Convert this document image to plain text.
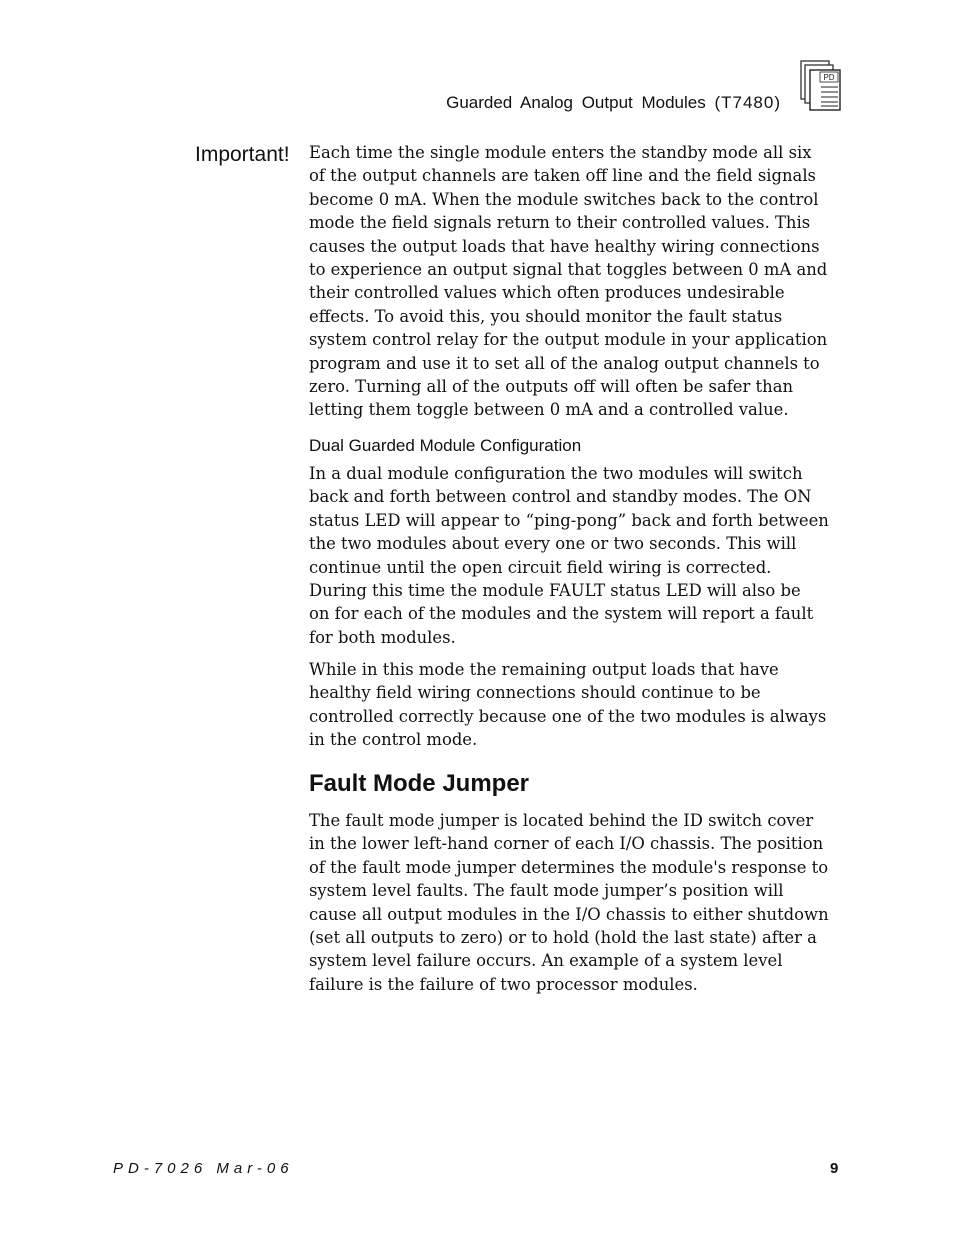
Guarded Analog Output Modules (T7480)
PD
Important! Each time the single module enters the standby mode all six
of the output channels are taken off line and the field signals
become 0 mA. When the module switches back to the control
mode the field signals return to their controlled values. This
causes the output loads that have healthy wiring connections
to experience an output signal that toggles between 0 mA and
their controlled values which often produces undesirable
effects. To avoid this, you should monitor the fault status
system control relay for the output module in your application
program and use it to set all of the analog output channels to
zero. Turning all of the outputs off will often be safer than
letting them toggle between 0 mA and a controlled value.

Dual Guarded Module Configuration

In a dual module configuration the two modules will switch
back and forth between control and standby modes. The ON
status LED will appear to “ping-pong” back and forth between
the two modules about every one or two seconds. This will
continue until the open circuit field wiring is corrected.
During this time the module FAULT status LED will also be
on for each of the modules and the system will report a fault
for both modules.

While in this mode the remaining output loads that have
healthy field wiring connections should continue to be
controlled correctly because one of the two modules is always
in the control mode.

Fault Mode Jumper

The fault mode jumper is located behind the ID switch cover
in the lower left-hand corner of each I/O chassis. The position
of the fault mode jumper determines the module's response to
system level faults. The fault mode jumper’s position will
cause all output modules in the I/O chassis to either shutdown
(set all outputs to zero) or to hold (hold the last state) after a
system level failure occurs. An example of a system level
failure is the failure of two processor modules.

PD-7026 Mar-06	9
